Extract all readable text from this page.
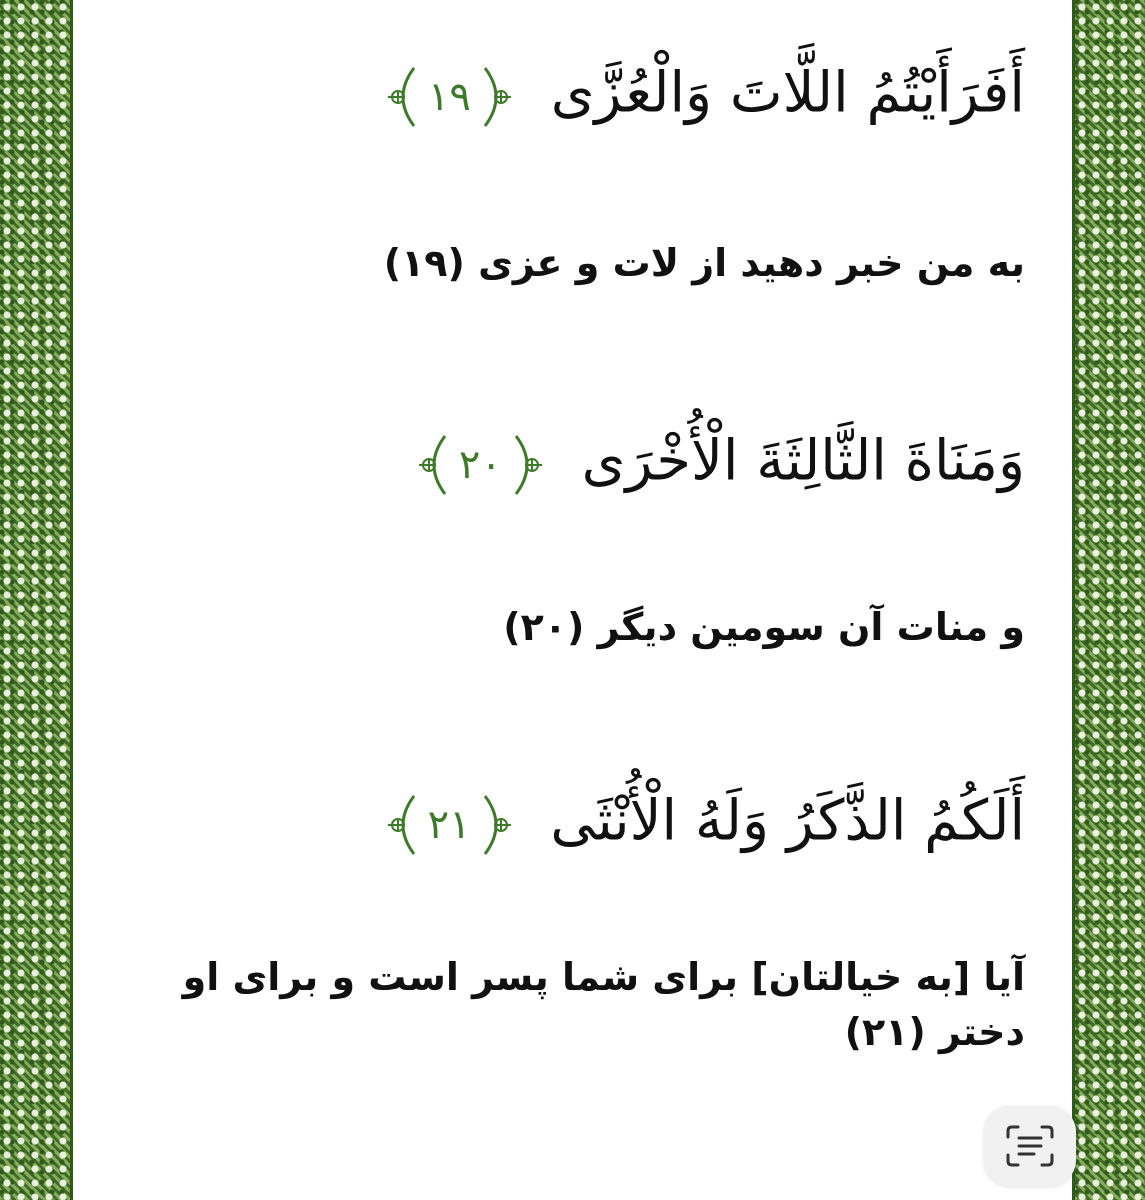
أَفَرَأَيْتُمُ اللَّاتَ وَالْعُزَّى
١٩
به من خبر دهید از لات و عزی (١٩)
وَمَنَاةَ الثَّالِثَةَ الْأُخْرَى
٢٠
و منات آن سومین دیگر (٢٠)
أَلَكُمُ الذَّكَرُ وَلَهُ الْأُنْثَى
٢١
آیا [به خیالتان] برای شما پسر است و برای او دختر (٢١)
